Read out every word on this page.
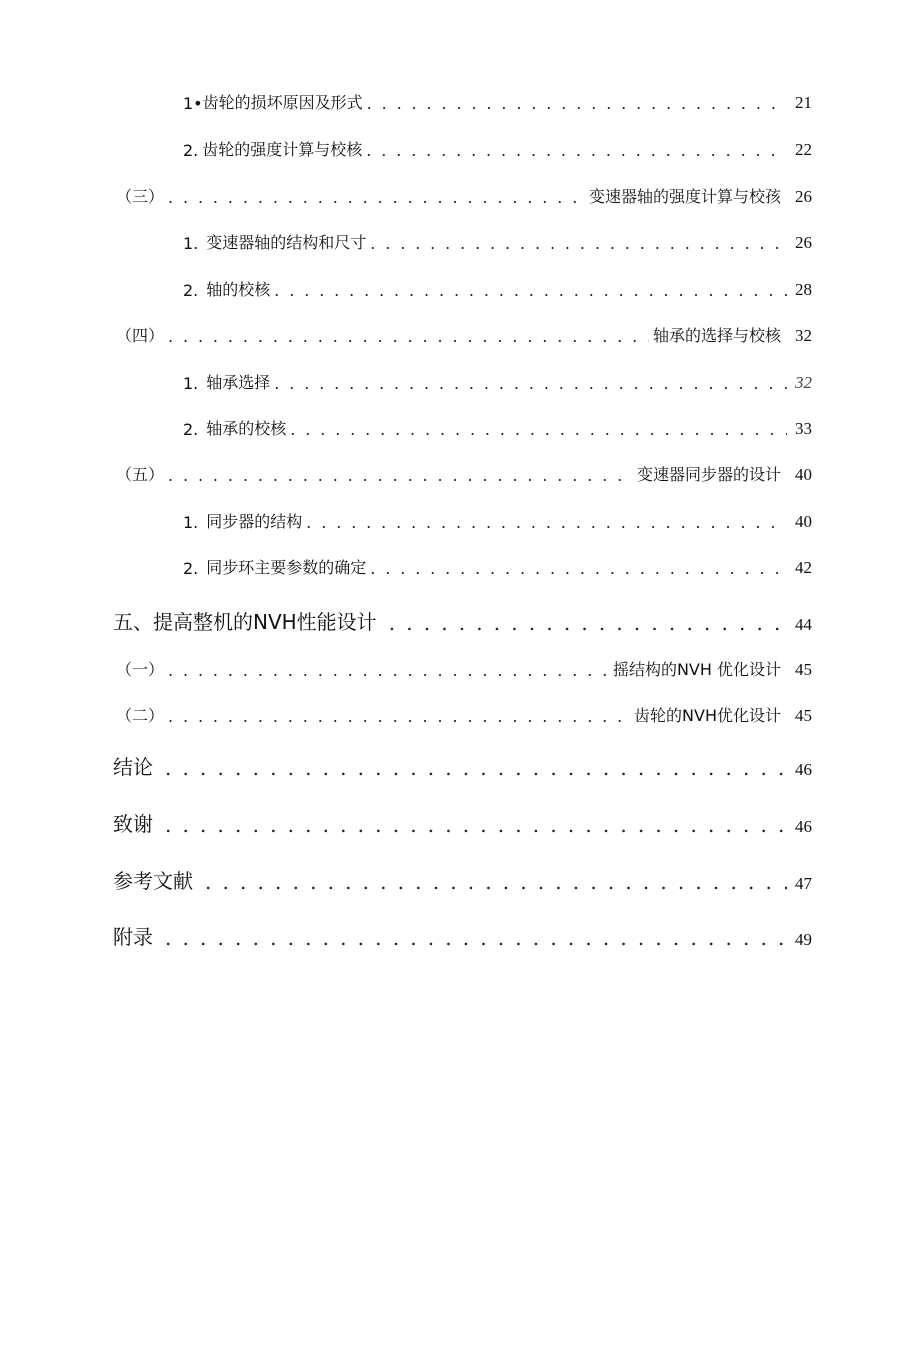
1• 齿轮的损坏原因及形式 . . .	21
2. 齿轮的强度计算与校核 . . .	22
（三） . . .	变速器轴的强度计算与校孩 26
1. 变速器轴的结构和尺寸 . . .	26
2. 轴的校核 . . .	28
（四） . . .	轴承的选择与校核 32
1. 轴承选择 . . .	32
2. 轴承的校核 . . .	33
（五） . . .	变速器同步器的设计 40
1. 同步器的结构 . . .	40
2. 同步环主要参数的确定 . . .	42
五、提高整机的NVH性能设计 . . .	44
（一） . . .	摇结构的NVH 优化设计 45
（二） . . .	齿轮的NVH优化设计 45
结论 . . .	46
致谢 . . .	46
参考文献 . . .	47
附录 . . .	49
